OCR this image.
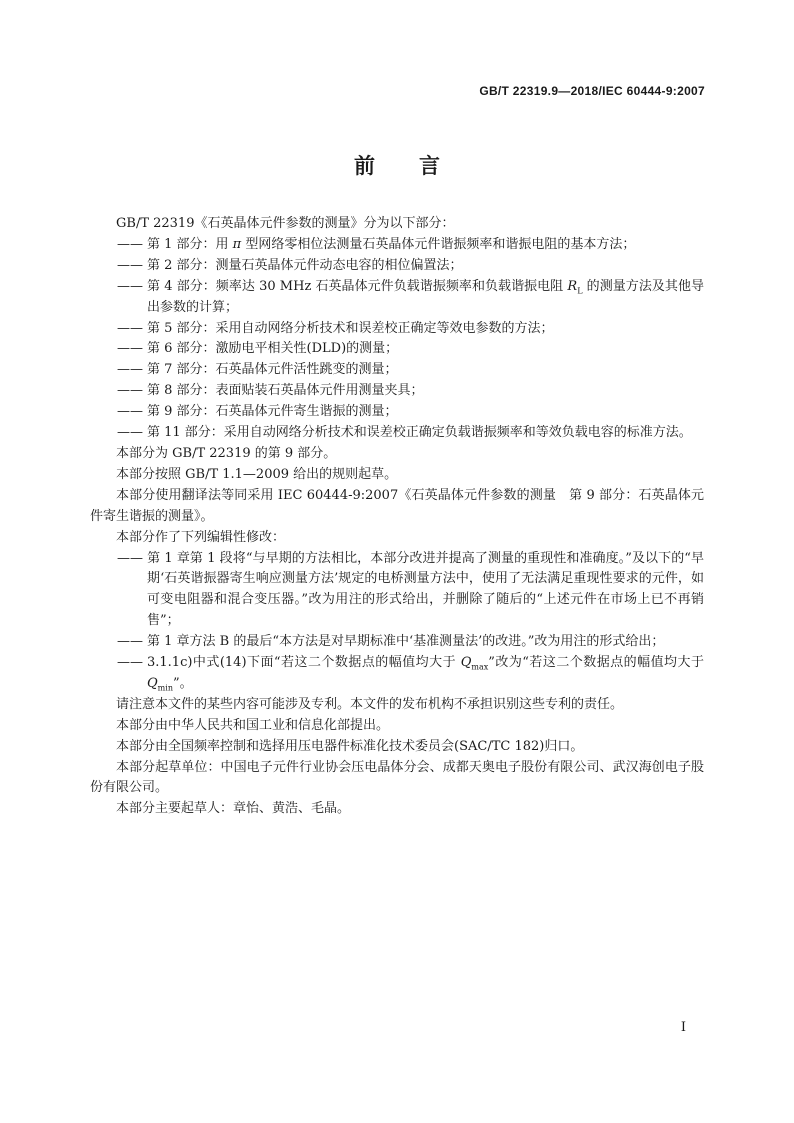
GB/T 22319.9—2018/IEC 60444-9:2007
前言

GB/T 22319《石英晶体元件参数的测量》分为以下部分：

—— 第 1 部分：用 π 型网络零相位法测量石英晶体元件谐振频率和谐振电阻的基本方法；

—— 第 2 部分：测量石英晶体元件动态电容的相位偏置法；

—— 第 4 部分：频率达 30 MHz 石英晶体元件负载谐振频率和负载谐振电阻 $R_L$ 的测量方法及其他导出参数的计算；

—— 第 5 部分：采用自动网络分析技术和误差校正确定等效电参数的方法；

—— 第 6 部分：激励电平相关性(DLD)的测量；

—— 第 7 部分：石英晶体元件活性跳变的测量；

—— 第 8 部分：表面贴装石英晶体元件用测量夹具；

—— 第 9 部分：石英晶体元件寄生谐振的测量；

—— 第 11 部分：采用自动网络分析技术和误差校正确定负载谐振频率和等效负载电容的标准方法。

本部分为 GB/T 22319 的第 9 部分。

本部分按照 GB/T 1.1—2009 给出的规则起草。

本部分使用翻译法等同采用 IEC 60444-9:2007《石英晶体元件参数的测量　第 9 部分：石英晶体元件寄生谐振的测量》。

本部分作了下列编辑性修改：

—— 第 1 章第 1 段将“与早期的方法相比，本部分改进并提高了测量的重现性和准确度。”及以下的“早期‘石英谐振器寄生响应测量方法’规定的电桥测量方法中，使用了无法满足重现性要求的元件，如可变电阻器和混合变压器。”改为用注的形式给出，并删除了随后的“上述元件在市场上已不再销售”；

—— 第 1 章方法 B 的最后“本方法是对早期标准中‘基准测量法’的改进。”改为用注的形式给出；

—— 3.1.1c)中式(14)下面“若这二个数据点的幅值均大于 $Q_{max}$”改为“若这二个数据点的幅值均大于 $Q_{min}$”。

请注意本文件的某些内容可能涉及专利。本文件的发布机构不承担识别这些专利的责任。

本部分由中华人民共和国工业和信息化部提出。

本部分由全国频率控制和选择用压电器件标准化技术委员会(SAC/TC 182)归口。

本部分起草单位：中国电子元件行业协会压电晶体分会、成都天奥电子股份有限公司、武汉海创电子股份有限公司。

本部分主要起草人：章怡、黄浩、毛晶。

I
